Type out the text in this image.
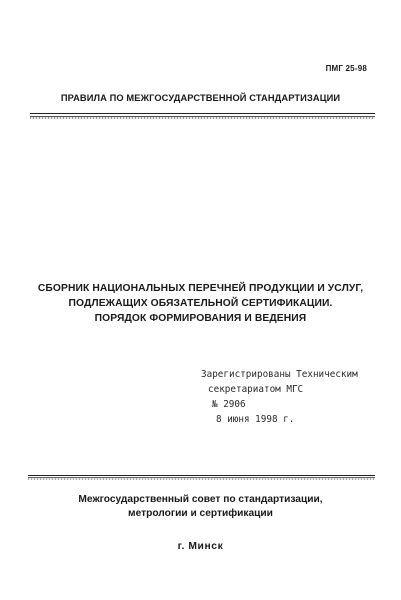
ПМГ 25-98
ПРАВИЛА ПО МЕЖГОСУДАРСТВЕННОЙ СТАНДАРТИЗАЦИИ
СБОРНИК НАЦИОНАЛЬНЫХ ПЕРЕЧНЕЙ ПРОДУКЦИИ И УСЛУГ,
ПОДЛЕЖАЩИХ ОБЯЗАТЕЛЬНОЙ СЕРТИФИКАЦИИ.
ПОРЯДОК ФОРМИРОВАНИЯ И ВЕДЕНИЯ
Зарегистрированы Техническим
секретариатом МГС
№ 2906
8 июня 1998 г.
Межгосударственный совет по стандартизации,
метрологии и сертификации
г. Минск
